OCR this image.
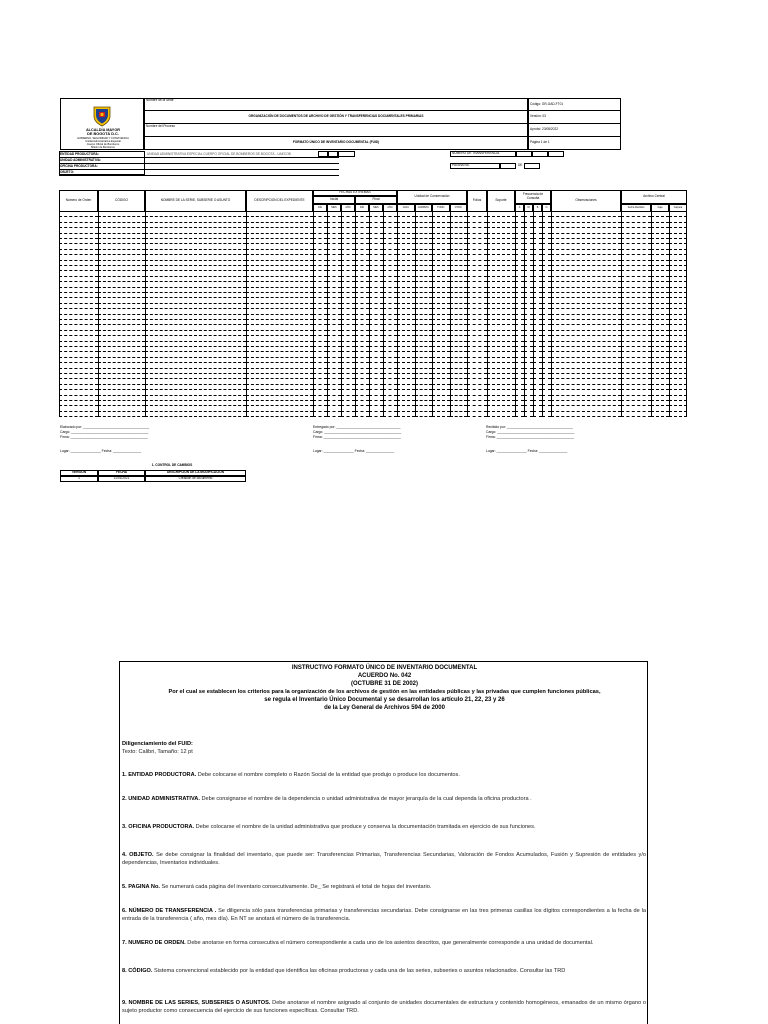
ALCALDÍA MAYOR
DE BOGOTÁ D.C.
GOBIERNO, SEGURIDAD Y CONVIVENCIA
Unidad Administrativa Especial
Cuerpo Oficial de Bomberos
Misión de Bomberos
Nombre de la Sede
ORGANIZACIÓN DE DOCUMENTOS DE ARCHIVO DE GESTIÓN Y TRANSFERENCIAS DOCUMENTALES PRIMARIAS
Nombre del Proceso
FORMATO ÚNICO DE INVENTARIO DOCUMENTAL (FUID)
Código: GR-GAD-FT01
Versión: 03
Aprobó: 23/08/2022
Página 1 de 1
ENTIDAD PRODUCTORA:	UNIDAD ADMINISTRATIVA ESPECIAL CUERPO OFICIAL DE BOMBEROS DE BOGOTÁ - UAECOB
UNIDAD ADMINISTRATIVA:
OFICINA PRODUCTORA:
OBJETO:
NÚMERO DE TRANSFERENCIA
PAGINA No.	DE
Número de Orden	CÓDIGO	NOMBRE DE LA SERIE, SUBSERIE O ASUNTO	DESCRIPCION DEL EXPEDIENTE
FECHAS EXTREMAS
Inicial	Final
DÍA	MES	AÑO	DÍA	MES	AÑO
Unidad de Conservación
CAJA	CARPETA	TOMO	OTRO
Folios	Soporte
Frecuencia de Consulta
A	M	B	N
Observaciones
Archivo Central
Fecha Recibido	Caja	Carpeta
Elaborado por: ___________________________________
Cargo: _________________________________________
Firma: _________________________________________
Lugar: ________________ Fecha: _______________
Entregado por: __________________________________
Cargo: _________________________________________
Firma: _________________________________________
Lugar: ________________ Fecha: _______________
Recibido por: ___________________________________
Cargo: _________________________________________
Firma: _________________________________________
Lugar: ________________ Fecha: _______________
1. CONTROL DE CAMBIOS
VERSIÓN	FECHA	DESCRIPCIÓN DE LA MODIFICACIÓN
1	11/01/2021	Creación de documento
INSTRUCTIVO FORMATO ÚNICO DE INVENTARIO DOCUMENTAL
ACUERDO No. 042
(OCTUBRE 31 DE 2002)
Por el cual se establecen los criterios para la organización de los archivos de gestión en las entidades públicas y las privadas que cumplen funciones públicas,
se regula el Inventario Único Documental y se desarrollan los artículo 21, 22, 23 y 26
de la Ley General de Archivos 594 de 2000
Diligenciamiento del FUID:
Texto: Calibri, Tamaño: 12 pt
1. ENTIDAD PRODUCTORA. Debe colocarse el nombre completo o Razón Social de la entidad que produjo o produce los documentos.
2. UNIDAD ADMINISTRATIVA. Debe consignarse el nombre de la dependencia o unidad administrativa de mayor jerarquía de la cual dependa la oficina productora .
3. OFICINA PRODUCTORA. Debe colocarse el nombre de la unidad administrativa que produce y conserva la documentación tramitada en ejercicio de sus funciones.
4. OBJETO. Se debe consignar la finalidad del inventario, que puede ser: Transferencias Primarias, Transferencias Secundarias, Valoración de Fondos Acumulados, Fusión y Supresión de entidades y/o dependencias, Inventarios individuales.
5. PAGINA No. Se numerará cada página del inventario consecutivamente. De_ Se registrará el total de hojas del inventario.
6. NÚMERO DE TRANSFERENCIA . Se diligencia sólo para transferencias primarias y transferencias secundarias. Debe consignarse en las tres primeras casillas los dígitos correspondientes a la fecha de la entrada de la transferencia ( año, mes día). En NT se anotará el número de la transferencia.
7. NUMERO DE ORDEN. Debe anotarse en forma consecutiva el número correspondiente a cada uno de los asientos descritos, que generalmente corresponde a una unidad de documental.
8. CÓDIGO. Sistema convencional establecido por la entidad que identifica las oficinas productoras y cada una de las series, subseries o asuntos relacionados. Consultar las TRD
9. NOMBRE DE LAS SERIES, SUBSERIES O ASUNTOS. Debe anotarse el nombre asignado al conjunto de unidades documentales de estructura y contenido homogéneos, emanados de un mismo órgano o sujeto productor como consecuencia del ejercicio de sus funciones específicas. Consultar TRD.
